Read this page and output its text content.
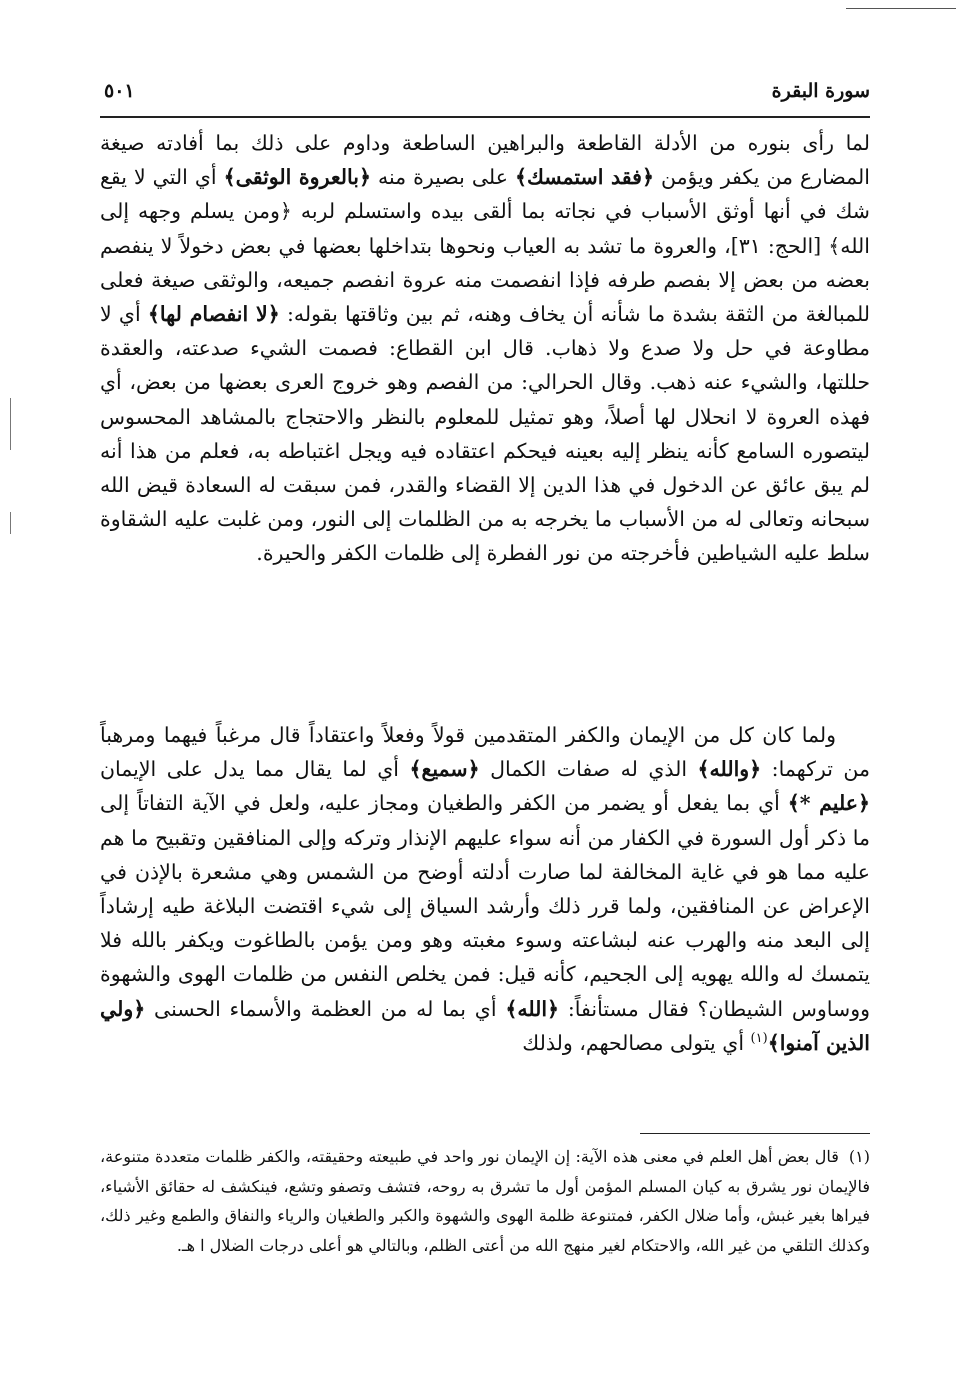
سورة البقرة
٥٠١

لما رأى بنوره من الأدلة القاطعة والبراهين الساطعة وداوم على ذلك بما أفادته صيغة المضارع من يكفر ويؤمن ﴿فقد استمسك﴾ على بصيرة منه ﴿بالعروة الوثقى﴾ أي التي لا يقع شك في أنها أوثق الأسباب في نجاته بما ألقى بيده واستسلم لربه ﴿ومن يسلم وجهه إلى الله﴾ [الحج: ٣١]، والعروة ما تشد به العياب ونحوها بتداخلها بعضها في بعض دخولاً لا ينفصم بعضه من بعض إلا بفصم طرفه فإذا انفصمت منه عروة انفصم جميعه، والوثقى صيغة فعلى للمبالغة من الثقة بشدة ما شأنه أن يخاف وهنه، ثم بين وثاقتها بقوله: ﴿لا انفصام لها﴾ أي لا مطاوعة في حل ولا صدع ولا ذهاب. قال ابن القطاع: فصمت الشيء صدعته، والعقدة حللتها، والشيء عنه ذهب. وقال الحرالي: من الفصم وهو خروج العرى بعضها من بعض، أي فهذه العروة لا انحلال لها أصلاً، وهو تمثيل للمعلوم بالنظر والاحتجاج بالمشاهد المحسوس ليتصوره السامع كأنه ينظر إليه بعينه فيحكم اعتقاده فيه ويجل اغتباطه به، فعلم من هذا أنه لم يبق عائق عن الدخول في هذا الدين إلا القضاء والقدر، فمن سبقت له السعادة قيض الله سبحانه وتعالى له من الأسباب ما يخرجه به من الظلمات إلى النور، ومن غلبت عليه الشقاوة سلط عليه الشياطين فأخرجته من نور الفطرة إلى ظلمات الكفر والحيرة.

ولما كان كل من الإيمان والكفر المتقدمين قولاً وفعلاً واعتقاداً قال مرغباً فيهما ومرهباً من تركهما: ﴿والله﴾ الذي له صفات الكمال ﴿سميع﴾ أي لما يقال مما يدل على الإيمان ﴿عليم *﴾ أي بما يفعل أو يضمر من الكفر والطغيان ومجاز عليه، ولعل في الآية التفاتاً إلى ما ذكر أول السورة في الكفار من أنه سواء عليهم الإنذار وتركه وإلى المنافقين وتقبيح ما هم عليه مما هو في غاية المخالفة لما صارت أدلته أوضح من الشمس وهي مشعرة بالإذن في الإعراض عن المنافقين، ولما قرر ذلك وأرشد السياق إلى شيء اقتضت البلاغة طيه إرشاداً إلى البعد منه والهرب عنه لبشاعته وسوء مغبته وهو ومن يؤمن بالطاغوت ويكفر بالله فلا يتمسك له والله يهويه إلى الجحيم، كأنه قيل: فمن يخلص النفس من ظلمات الهوى والشهوة ووساوس الشيطان؟ فقال مستأنفاً: ﴿الله﴾ أي بما له من العظمة والأسماء الحسنى ﴿ولي الذين آمنوا﴾$^{(١)}$ أي يتولى مصالحهم، ولذلك

(١)قال بعض أهل العلم في معنى هذه الآية: إن الإيمان نور واحد في طبيعته وحقيقته، والكفر ظلمات متعددة متنوعة، فالإيمان نور يشرق به كيان المسلم المؤمن أول ما تشرق به روحه، فتشف وتصفو وتشع، فينكشف له حقائق الأشياء، فيراها بغير غبش، وأما ضلال الكفر، فمتنوعة ظلمة الهوى والشهوة والكبر والطغيان والرياء والنفاق والطمع وغير ذلك، وكذلك التلقي من غير الله، والاحتكام لغير منهج الله من أعتى الظلم، وبالتالي هو أعلى درجات الضلال ا هـ.
